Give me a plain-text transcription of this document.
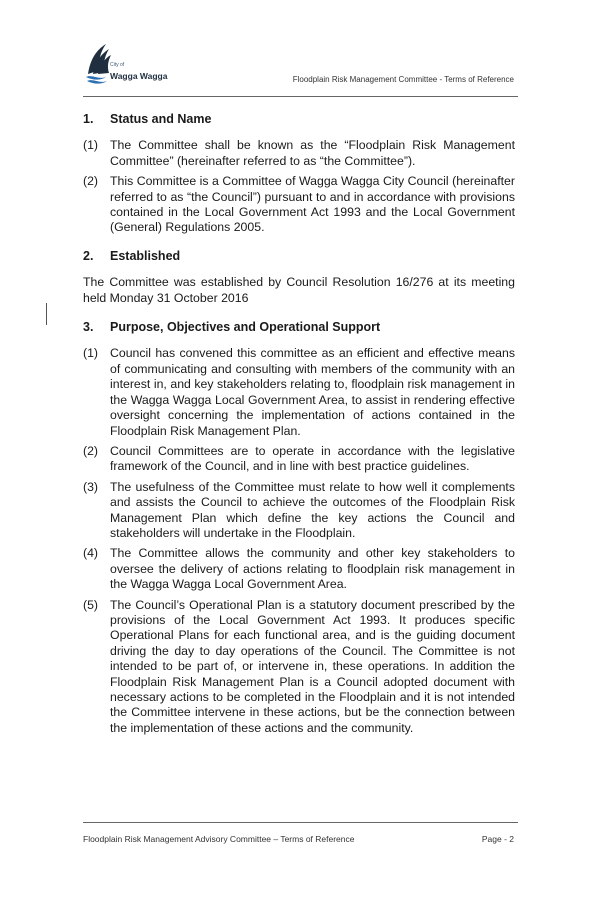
City of
Wagga Wagga	Floodplain Risk Management Committee - Terms of Reference
1.	Status and Name
(1) The Committee shall be known as the “Floodplain Risk Management Committee” (hereinafter referred to as “the Committee”).
(2) This Committee is a Committee of Wagga Wagga City Council (hereinafter referred to as “the Council”) pursuant to and in accordance with provisions contained in the Local Government Act 1993 and the Local Government (General) Regulations 2005.
2.	Established

The Committee was established by Council Resolution 16/276 at its meeting held Monday 31 October 2016

3.	Purpose, Objectives and Operational Support
(1) Council has convened this committee as an efficient and effective means of communicating and consulting with members of the community with an interest in, and key stakeholders relating to, floodplain risk management in the Wagga Wagga Local Government Area, to assist in rendering effective oversight concerning the implementation of actions contained in the Floodplain Risk Management Plan.
(2) Council Committees are to operate in accordance with the legislative framework of the Council, and in line with best practice guidelines.
(3) The usefulness of the Committee must relate to how well it complements and assists the Council to achieve the outcomes of the Floodplain Risk Management Plan which define the key actions the Council and stakeholders will undertake in the Floodplain.
(4) The Committee allows the community and other key stakeholders to oversee the delivery of actions relating to floodplain risk management in the Wagga Wagga Local Government Area.
(5) The Council’s Operational Plan is a statutory document prescribed by the provisions of the Local Government Act 1993. It produces specific Operational Plans for each functional area, and is the guiding document driving the day to day operations of the Council. The Committee is not intended to be part of, or intervene in, these operations. In addition the Floodplain Risk Management Plan is a Council adopted document with necessary actions to be completed in the Floodplain and it is not intended the Committee intervene in these actions, but be the connection between the implementation of these actions and the community.
Floodplain Risk Management Advisory Committee – Terms of Reference	Page - 2
